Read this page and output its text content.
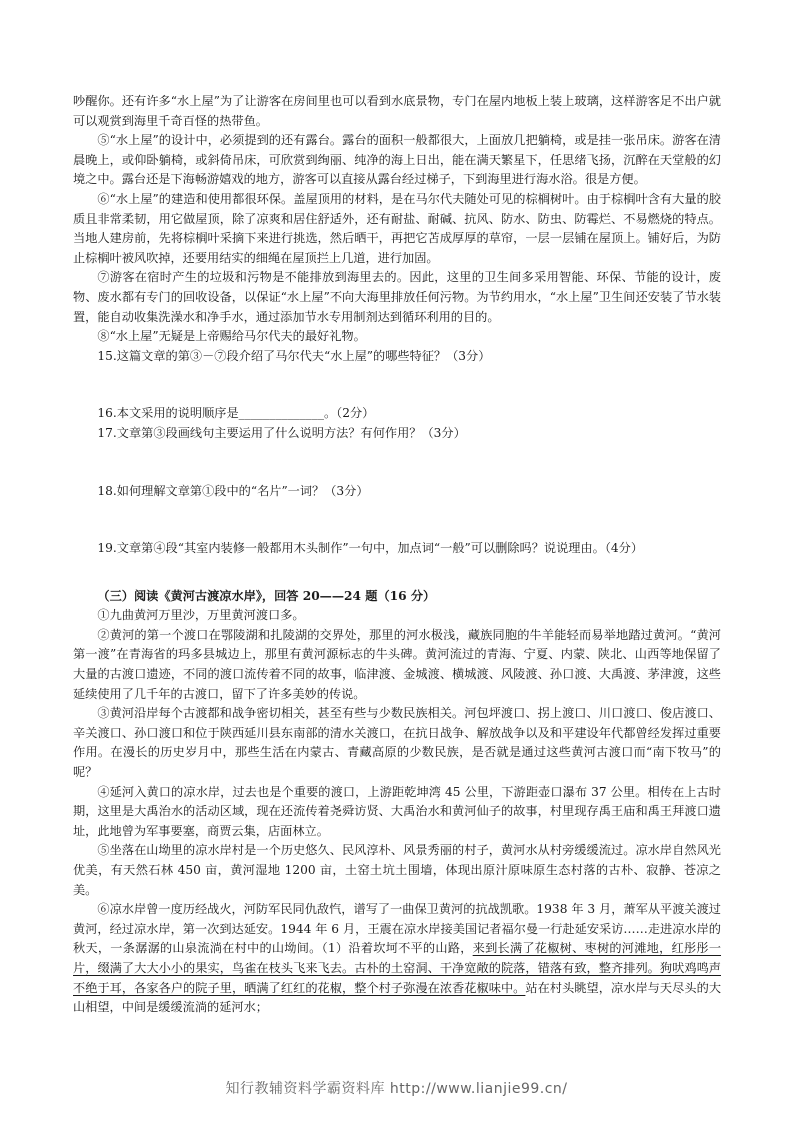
吵醒你。还有许多“水上屋”为了让游客在房间里也可以看到水底景物，专门在屋内地板上装上玻璃，这样游客足不出户就可以观赏到海里千奇百怪的热带鱼。

⑤“水上屋”的设计中，必须提到的还有露台。露台的面积一般都很大，上面放几把躺椅，或是挂一张吊床。游客在清晨晚上，或仰卧躺椅，或斜倚吊床，可欣赏到绚丽、纯净的海上日出，能在满天繁星下，任思绪飞扬，沉醉在天堂般的幻境之中。露台还是下海畅游嬉戏的地方，游客可以直接从露台经过梯子，下到海里进行海水浴。很是方便。

⑥“水上屋”的建造和使用都很环保。盖屋顶用的材料，是在马尔代夫随处可见的棕榈树叶。由于棕榈叶含有大量的胶质且非常柔韧，用它做屋顶，除了凉爽和居住舒适外，还有耐盐、耐碱、抗风、防水、防虫、防霉烂、不易燃烧的特点。当地人建房前，先将棕榈叶采摘下来进行挑选，然后晒干，再把它苫成厚厚的草帘，一层一层铺在屋顶上。铺好后，为防止棕榈叶被风吹掉，还要用结实的细绳在屋顶拦上几道，进行加固。

⑦游客在宿时产生的垃圾和污物是不能排放到海里去的。因此，这里的卫生间多采用智能、环保、节能的设计，废物、废水都有专门的回收设备，以保证“水上屋”不向大海里排放任何污物。为节约用水，“水上屋”卫生间还安装了节水装置，能自动收集洗澡水和净手水，通过添加节水专用制剂达到循环利用的目的。

⑧“水上屋”无疑是上帝赐给马尔代夫的最好礼物。

15.这篇文章的第③－⑦段介绍了马尔代夫“水上屋”的哪些特征？（3分）

16.本文采用的说明顺序是______________。（2分）

17.文章第③段画线句主要运用了什么说明方法？有何作用？（3分）

18.如何理解文章第①段中的“名片”一词？（3分）

19.文章第④段“其室内装修一般都用木头制作”一句中，加点词“一般”可以删除吗？说说理由。（4分）

（三）阅读《黄河古渡凉水岸》，回答 20——24 题（16 分）

①九曲黄河万里沙，万里黄河渡口多。

②黄河的第一个渡口在鄂陵湖和扎陵湖的交界处，那里的河水极浅，藏族同胞的牛羊能轻而易举地踏过黄河。“黄河第一渡”在青海省的玛多县城边上，那里有黄河源标志的牛头碑。黄河流过的青海、宁夏、内蒙、陕北、山西等地保留了大量的古渡口遗迹，不同的渡口流传着不同的故事，临津渡、金城渡、横城渡、风陵渡、孙口渡、大禹渡、茅津渡，这些延续使用了几千年的古渡口，留下了许多美妙的传说。

③黄河沿岸每个古渡都和战争密切相关，甚至有些与少数民族相关。河包坪渡口、拐上渡口、川口渡口、俊店渡口、辛关渡口、孙口渡口和位于陕西延川县东南部的清水关渡口，在抗日战争、解放战争以及和平建设年代都曾经发挥过重要作用。在漫长的历史岁月中，那些生活在内蒙古、青藏高原的少数民族，是否就是通过这些黄河古渡口而“南下牧马”的呢？

④延河入黄口的凉水岸，过去也是个重要的渡口，上游距乾坤湾 45 公里，下游距壶口瀑布 37 公里。相传在上古时期，这里是大禹治水的活动区域，现在还流传着尧舜访贤、大禹治水和黄河仙子的故事，村里现存禹王庙和禹王拜渡口遗址，此地曾为军事要塞，商贾云集，店面林立。

⑤坐落在山坳里的凉水岸村是一个历史悠久、民风淳朴、风景秀丽的村子，黄河水从村旁缓缓流过。凉水岸自然风光优美，有天然石林 450 亩，黄河湿地 1200 亩，土窑土坑土围墙，体现出原汁原味原生态村落的古朴、寂静、苍凉之美。

⑥凉水岸曾一度历经战火，河防军民同仇敌忾，谱写了一曲保卫黄河的抗战凯歌。1938 年 3 月，萧军从平渡关渡过黄河，经过凉水岸，第一次到达延安。1944 年 6 月，王震在凉水岸接美国记者福尔曼一行赴延安采访……走进凉水岸的秋天，一条潺潺的山泉流淌在村中的山坳间。（1）沿着坎坷不平的山路，来到长满了花椒树、枣树的河滩地，红彤彤一片，缀满了大大小小的果实，鸟雀在枝头飞来飞去。古朴的土窑洞、干净宽敞的院落，错落有致，整齐排列。狗吠鸡鸣声不绝于耳，各家各户的院子里，晒满了红红的花椒，整个村子弥漫在浓香花椒味中。站在村头眺望，凉水岸与天尽头的大山相望，中间是缓缓流淌的延河水；

知行教辅资料学霸资料库 http://www.lianjie99.cn/
